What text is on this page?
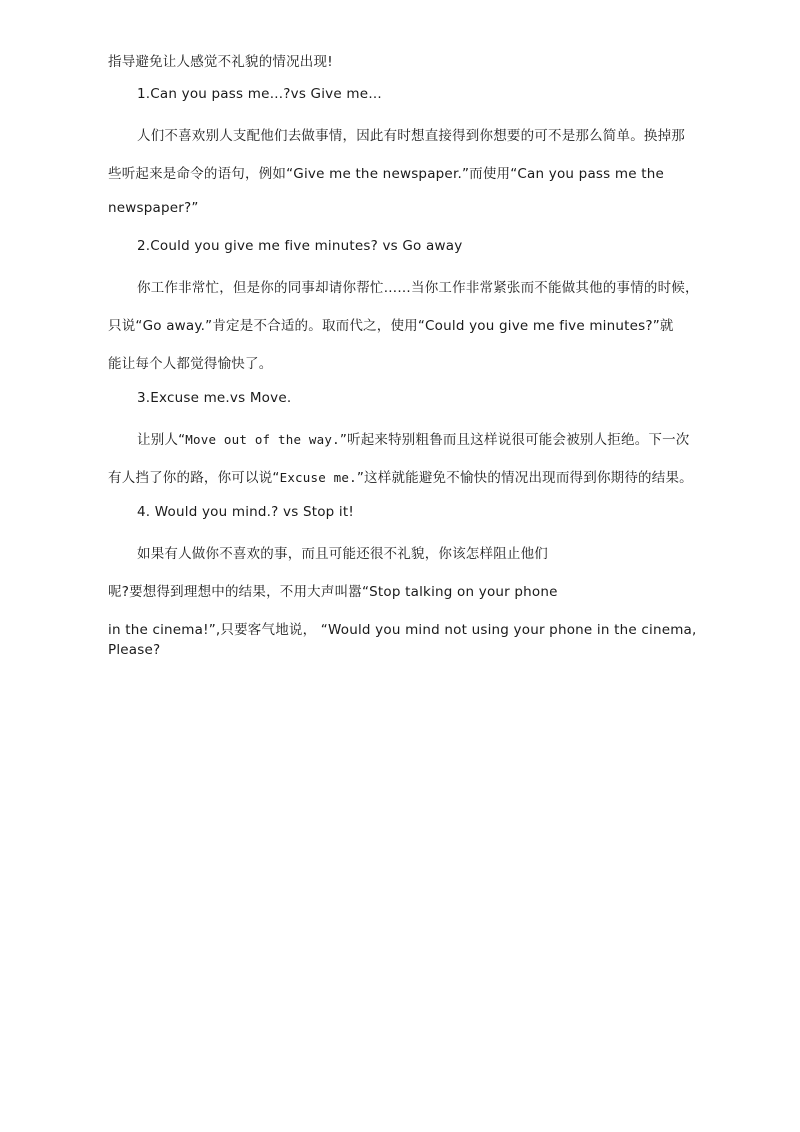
指导避免让人感觉不礼貌的情况出现!
1.Can you pass me…?vs Give me…
人们不喜欢别人支配他们去做事情，因此有时想直接得到你想要的可不是那么简单。换掉那
些听起来是命令的语句，例如“Give me the newspaper.”而使用“Can you pass me the
newspaper?”
2.Could you give me five minutes? vs Go away
你工作非常忙，但是你的同事却请你帮忙……当你工作非常紧张而不能做其他的事情的时候，
只说“Go away.”肯定是不合适的。取而代之，使用“Could you give me five minutes?”就
能让每个人都觉得愉快了。
3.Excuse me.vs Move.
让别人“Move out of the way.”听起来特别粗鲁而且这样说很可能会被别人拒绝。下一次
有人挡了你的路，你可以说“Excuse me.”这样就能避免不愉快的情况出现而得到你期待的结果。
4. Would you mind.? vs Stop it!
如果有人做你不喜欢的事，而且可能还很不礼貌，你该怎样阻止他们
呢?要想得到理想中的结果，不用大声叫嚣“Stop talking on your phone
in the cinema!”,只要客气地说， “Would you mind not using your phone in the cinema,
Please?
